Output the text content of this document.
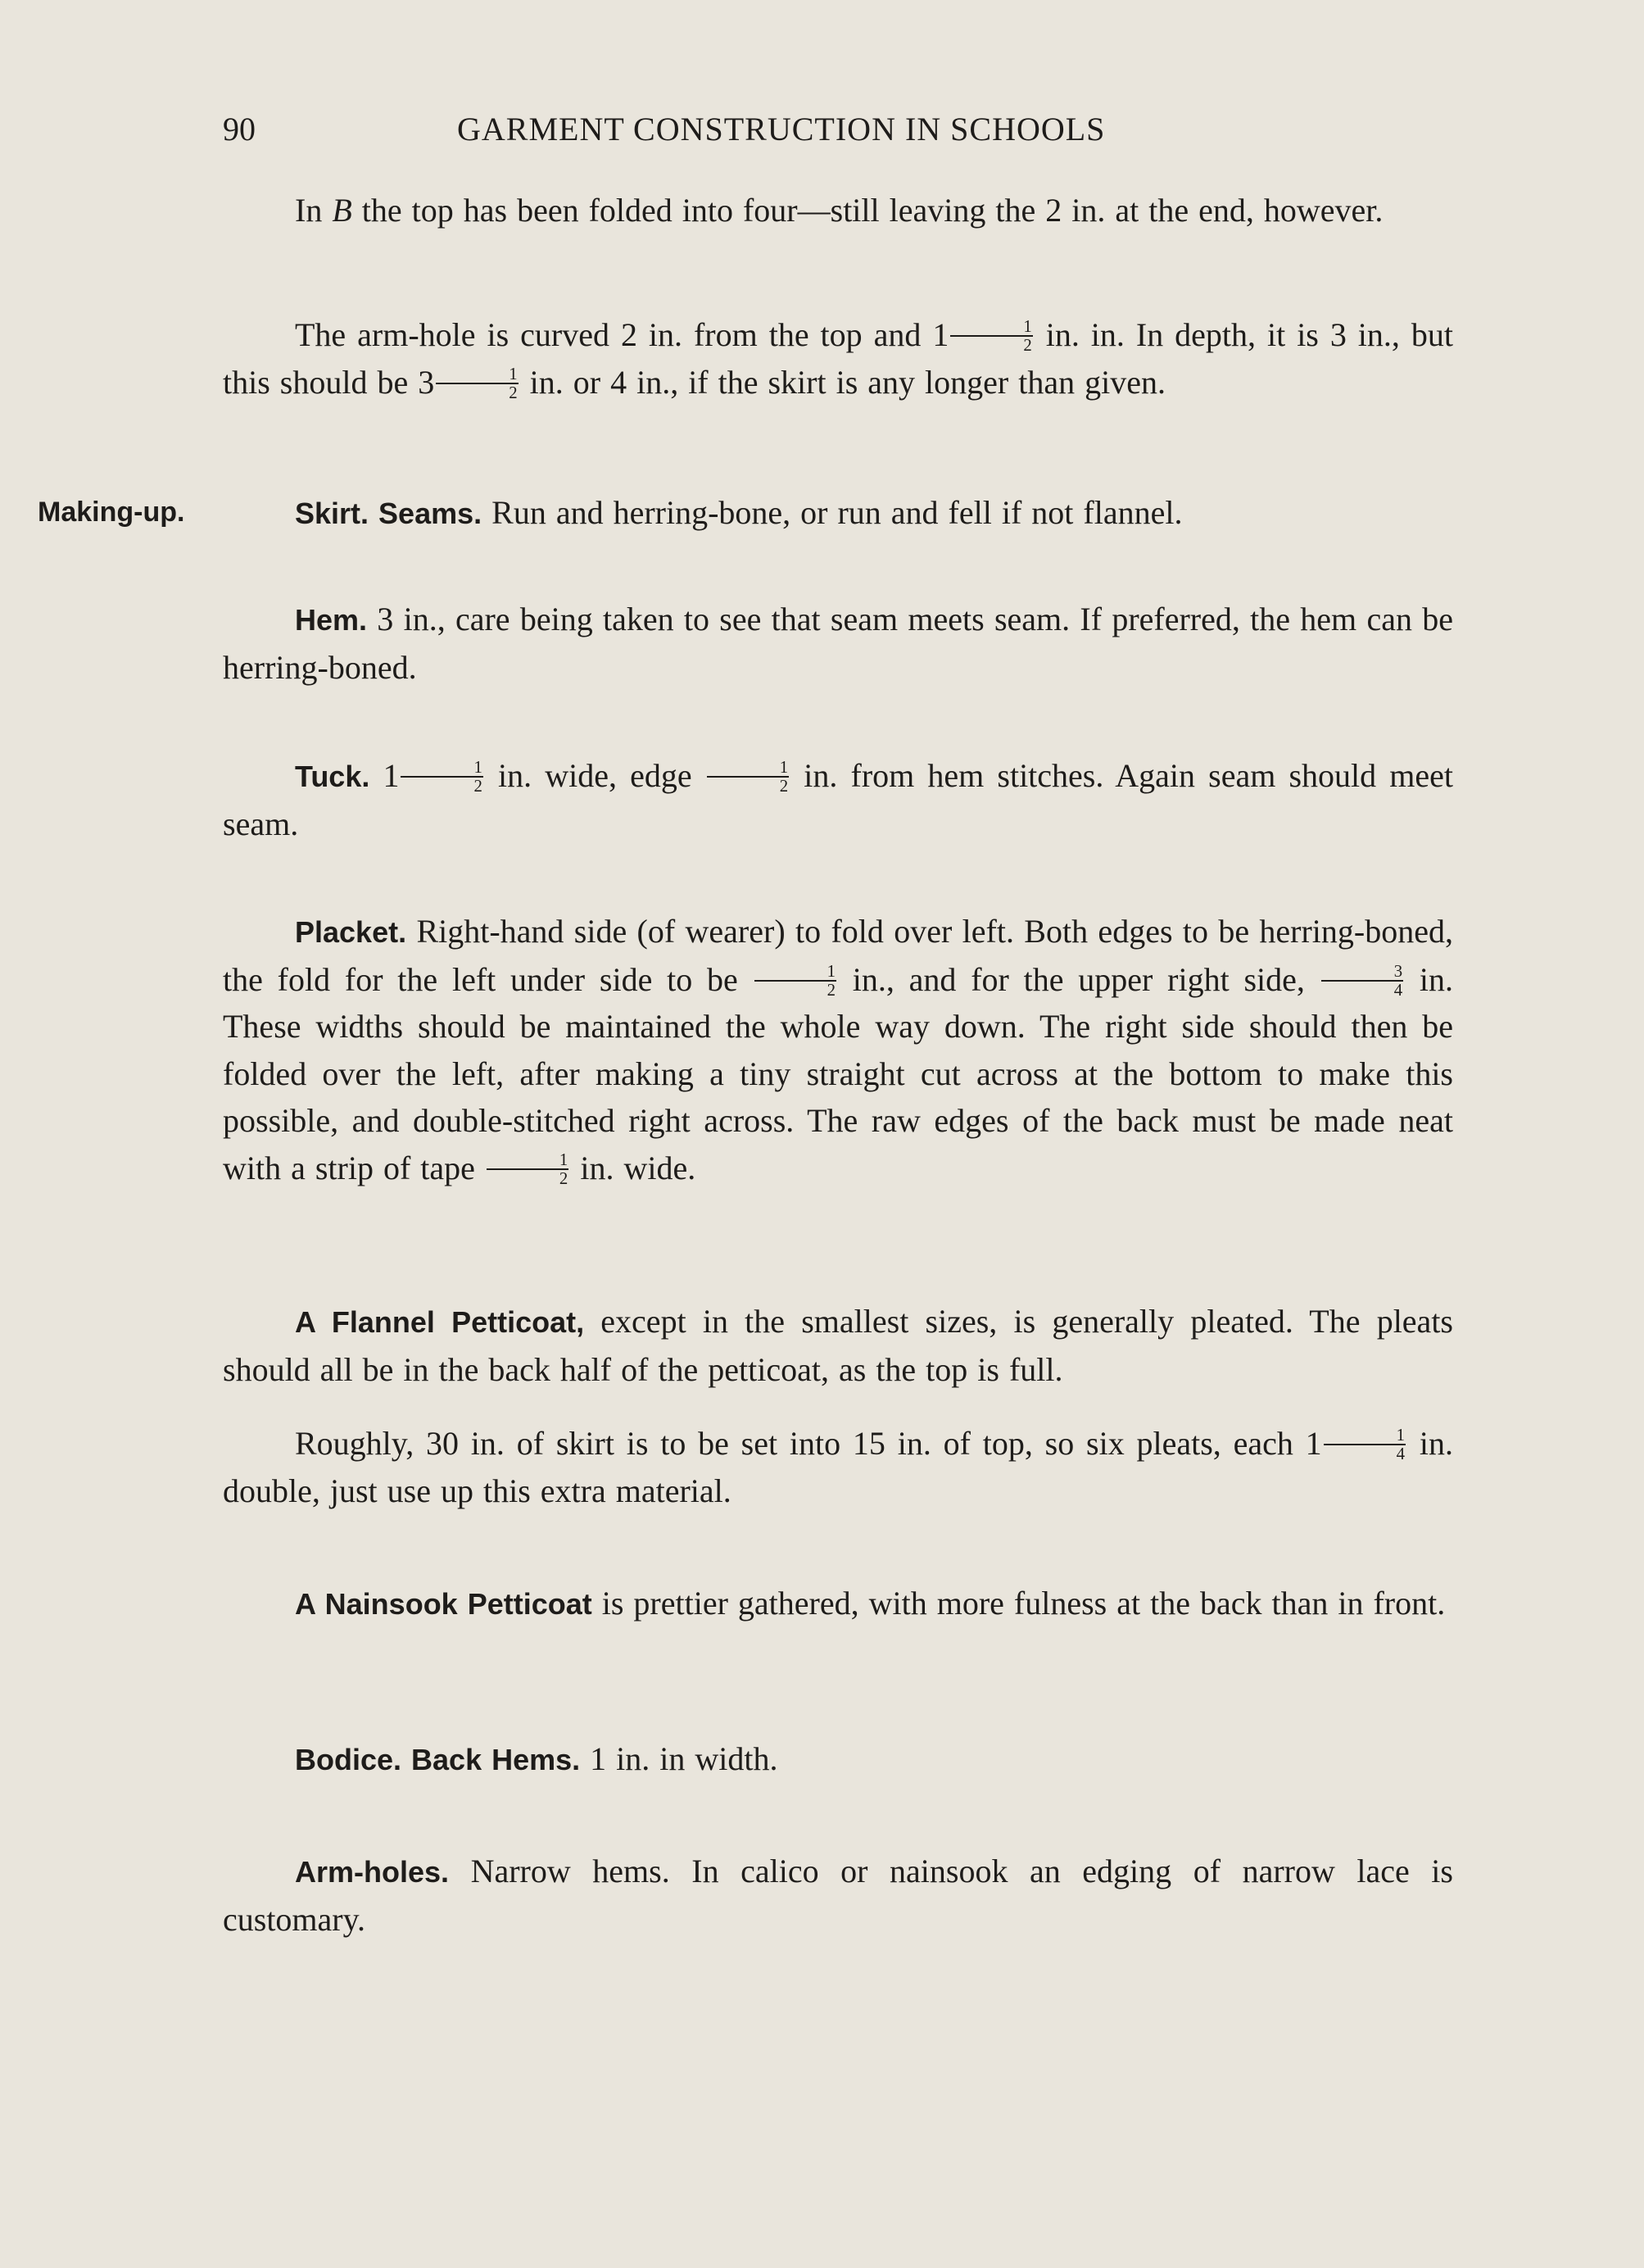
90	GARMENT CONSTRUCTION IN SCHOOLS
Making-up.
In B the top has been folded into four—still leaving the 2 in. at the end, however.
The arm-hole is curved 2 in. from the top and $1 \frac{1}{2}$ in. in. In depth, it is 3 in., but this should be $3 \frac{1}{2}$ in. or 4 in., if the skirt is any longer than given.
Skirt. Seams. Run and herring-bone, or run and fell if not flannel.
Hem. 3 in., care being taken to see that seam meets seam. If preferred, the hem can be herring-boned.
Tuck. $1 \frac{1}{2}$ in. wide, edge $\frac{1}{2}$ in. from hem stitches. Again seam should meet seam.
Placket. Right-hand side (of wearer) to fold over left. Both edges to be herring-boned, the fold for the left under side to be $\frac{1}{2}$ in., and for the upper right side, $\frac{3}{4}$ in. These widths should be maintained the whole way down. The right side should then be folded over the left, after making a tiny straight cut across at the bottom to make this possible, and double-stitched right across. The raw edges of the back must be made neat with a strip of tape $\frac{1}{2}$ in. wide.
A Flannel Petticoat, except in the smallest sizes, is generally pleated. The pleats should all be in the back half of the petticoat, as the top is full.
Roughly, 30 in. of skirt is to be set into 15 in. of top, so six pleats, each $1 \frac{1}{4}$ in. double, just use up this extra material.
A Nainsook Petticoat is prettier gathered, with more fulness at the back than in front.
Bodice. Back Hems. 1 in. in width.
Arm-holes. Narrow hems. In calico or nainsook an edging of narrow lace is customary.
